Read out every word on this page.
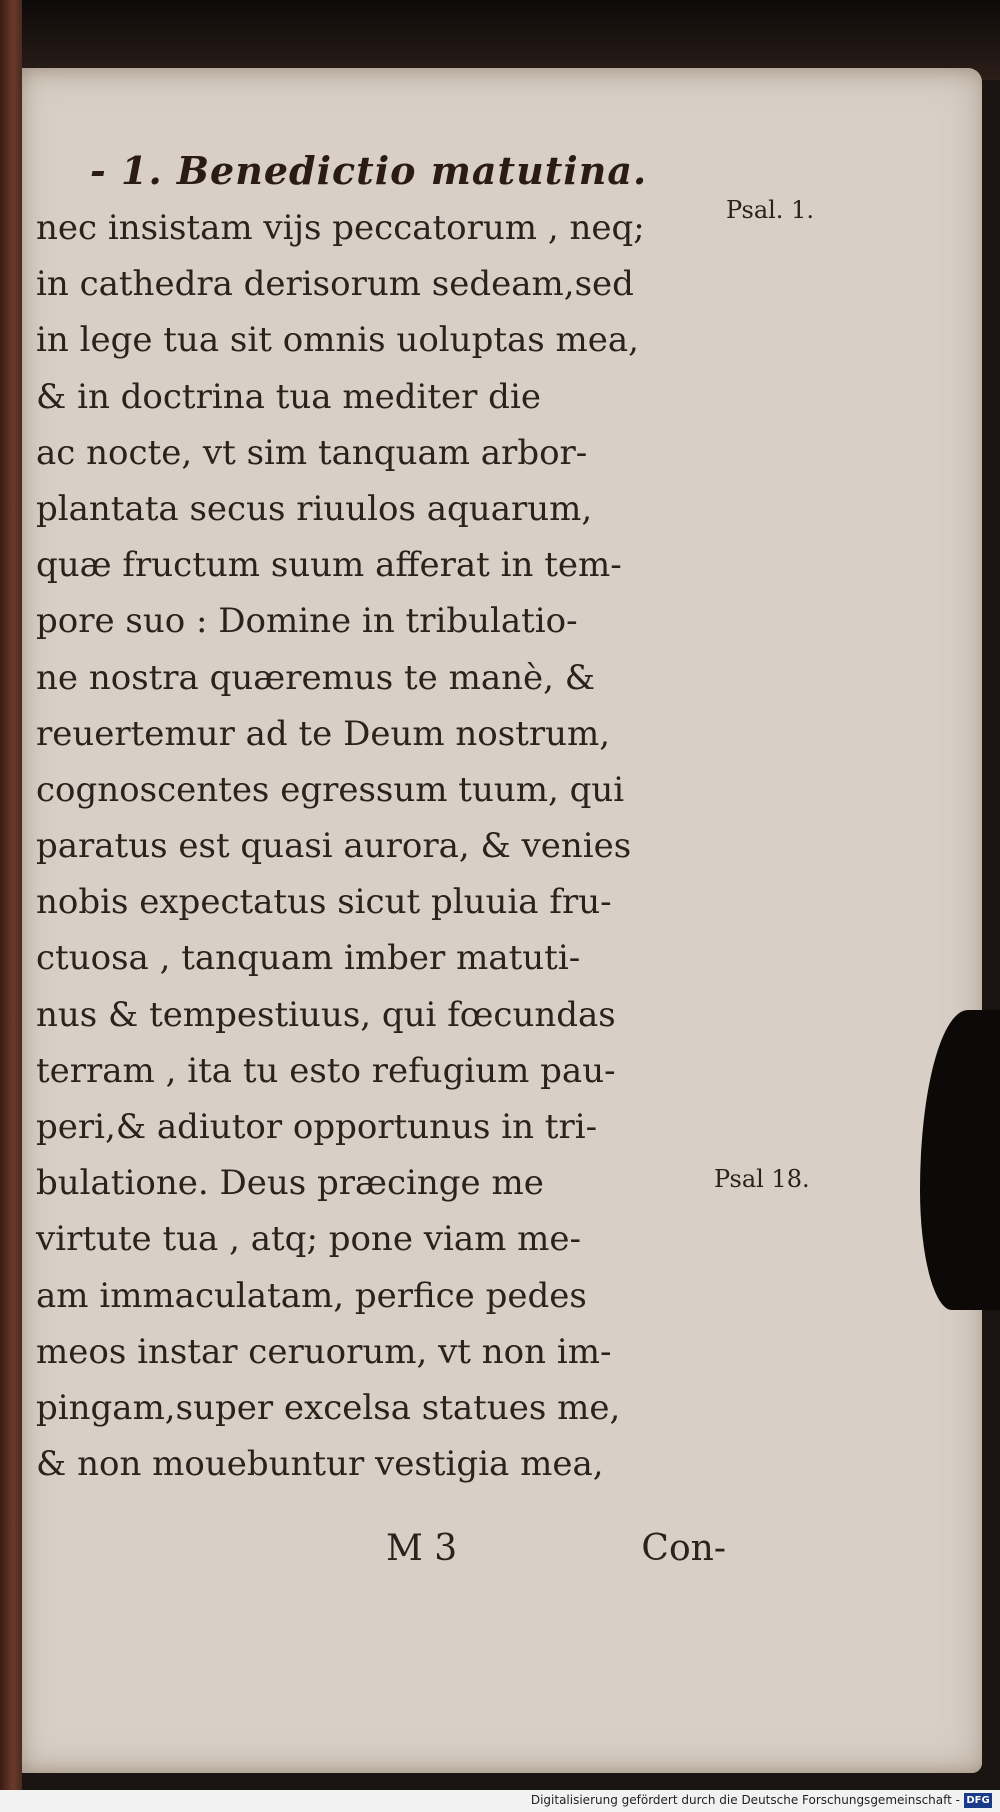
- 1. Benedictio matutina.
nec insistam vijs peccatorum , neq;
in cathedra derisorum sedeam,sed
in lege tua sit omnis uoluptas mea,
& in doctrina tua mediter die
ac nocte, vt sim tanquam arbor-
plantata secus riuulos aquarum,
quæ fructum suum afferat in tem-
pore suo : Domine in tribulatio-
ne nostra quæremus te manè, &
reuertemur ad te Deum nostrum,
cognoscentes egressum tuum, qui
paratus est quasi aurora, & venies
nobis expectatus sicut pluuia fru-
ctuosa , tanquam imber matuti-
nus & tempestiuus, qui fœcundas
terram , ita tu esto refugium pau-
peri,& adiutor opportunus in tri-
bulatione. Deus præcinge me
virtute tua , atq; pone viam me-
am immaculatam, perfice pedes
meos instar ceruorum, vt non im-
pingam,super excelsa statues me,
& non mouebuntur vestigia mea,
Psal. 1.
Psal 18.
M 3	Con-
Digitalisierung gefördert durch die Deutsche Forschungsgemeinschaft - DFG
